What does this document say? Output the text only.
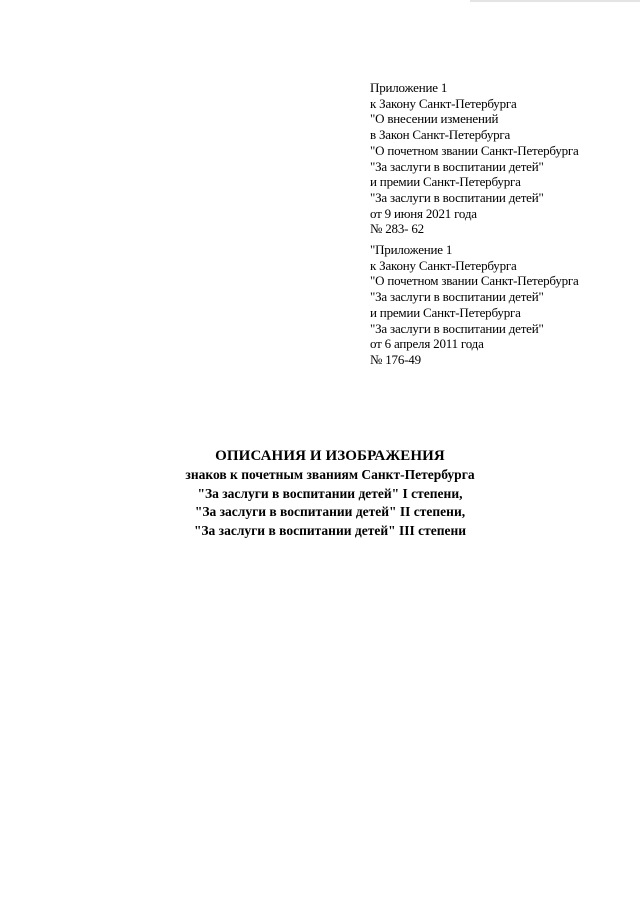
Приложение 1
к Закону Санкт-Петербурга
"О внесении изменений
в Закон Санкт-Петербурга
"О почетном звании Санкт-Петербурга
"За заслуги в воспитании детей"
и премии Санкт-Петербурга
"За заслуги в воспитании детей"
от 9 июня 2021 года
№ 283- 62
"Приложение 1
к Закону Санкт-Петербурга
"О почетном звании Санкт-Петербурга
"За заслуги в воспитании детей"
и премии Санкт-Петербурга
"За заслуги в воспитании детей"
от 6 апреля 2011 года
№ 176-49
ОПИСАНИЯ И ИЗОБРАЖЕНИЯ
знаков к почетным званиям Санкт-Петербурга
"За заслуги в воспитании детей" I степени,
"За заслуги в воспитании детей" II степени,
"За заслуги в воспитании детей" III степени
